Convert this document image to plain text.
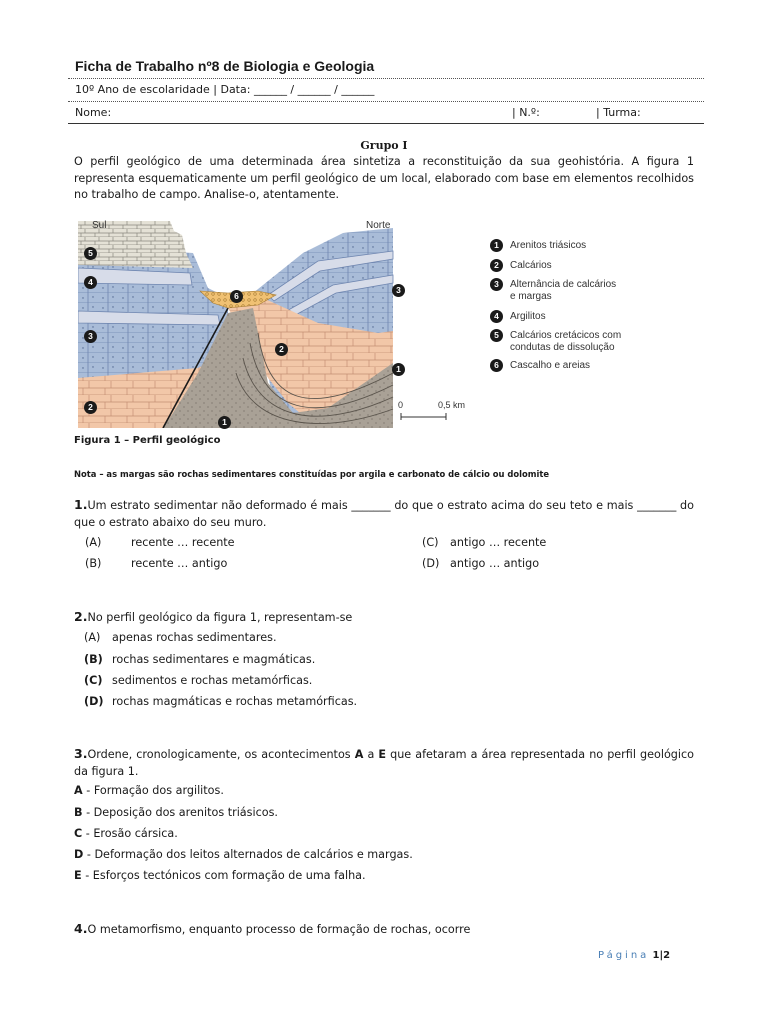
Ficha de Trabalho nº8 de Biologia e Geologia
10º Ano de escolaridade | Data: ______ / ______ / ______
Nome:	| N.º:	| Turma:
Grupo I
O perfil geológico de uma determinada área sintetiza a reconstituição da sua geohistória. A figura 1 representa esquematicamente um perfil geológico de um local, elaborado com base em elementos recolhidos no trabalho de campo. Analise-o, atentamente.
5
4
3
2
1
6
3
2
1
Sul	Norte
0	0,5 km
1	Arenitos triásicos
2	Calcários
3	Alternância de calcários
e margas
4	Argilitos
5	Calcários cretácicos com
condutas de dissolução
6	Cascalho e areias
Figura 1 – Perfil geológico
Nota – as margas são rochas sedimentares constituídas por argila e carbonato de cálcio ou dolomite
1.Um estrato sedimentar não deformado é mais _______ do que o estrato acima do seu teto e mais _______ do que o estrato abaixo do seu muro.
(A)	recente … recente
(B)	recente … antigo
(C) antigo … recente
(D) antigo … antigo
2.No perfil geológico da figura 1, representam-se
(A) apenas rochas sedimentares.
(B) rochas sedimentares e magmáticas.
(C) sedimentos e rochas metamórficas.
(D) rochas magmáticas e rochas metamórficas.
3.Ordene, cronologicamente, os acontecimentos A a E que afetaram a área representada no perfil geológico da figura 1.
A - Formação dos argilitos.
B - Deposição dos arenitos triásicos.
C - Erosão cársica.
D - Deformação dos leitos alternados de calcários e margas.
E - Esforços tectónicos com formação de uma falha.
4.O metamorfismo, enquanto processo de formação de rochas, ocorre
Página 1|2
